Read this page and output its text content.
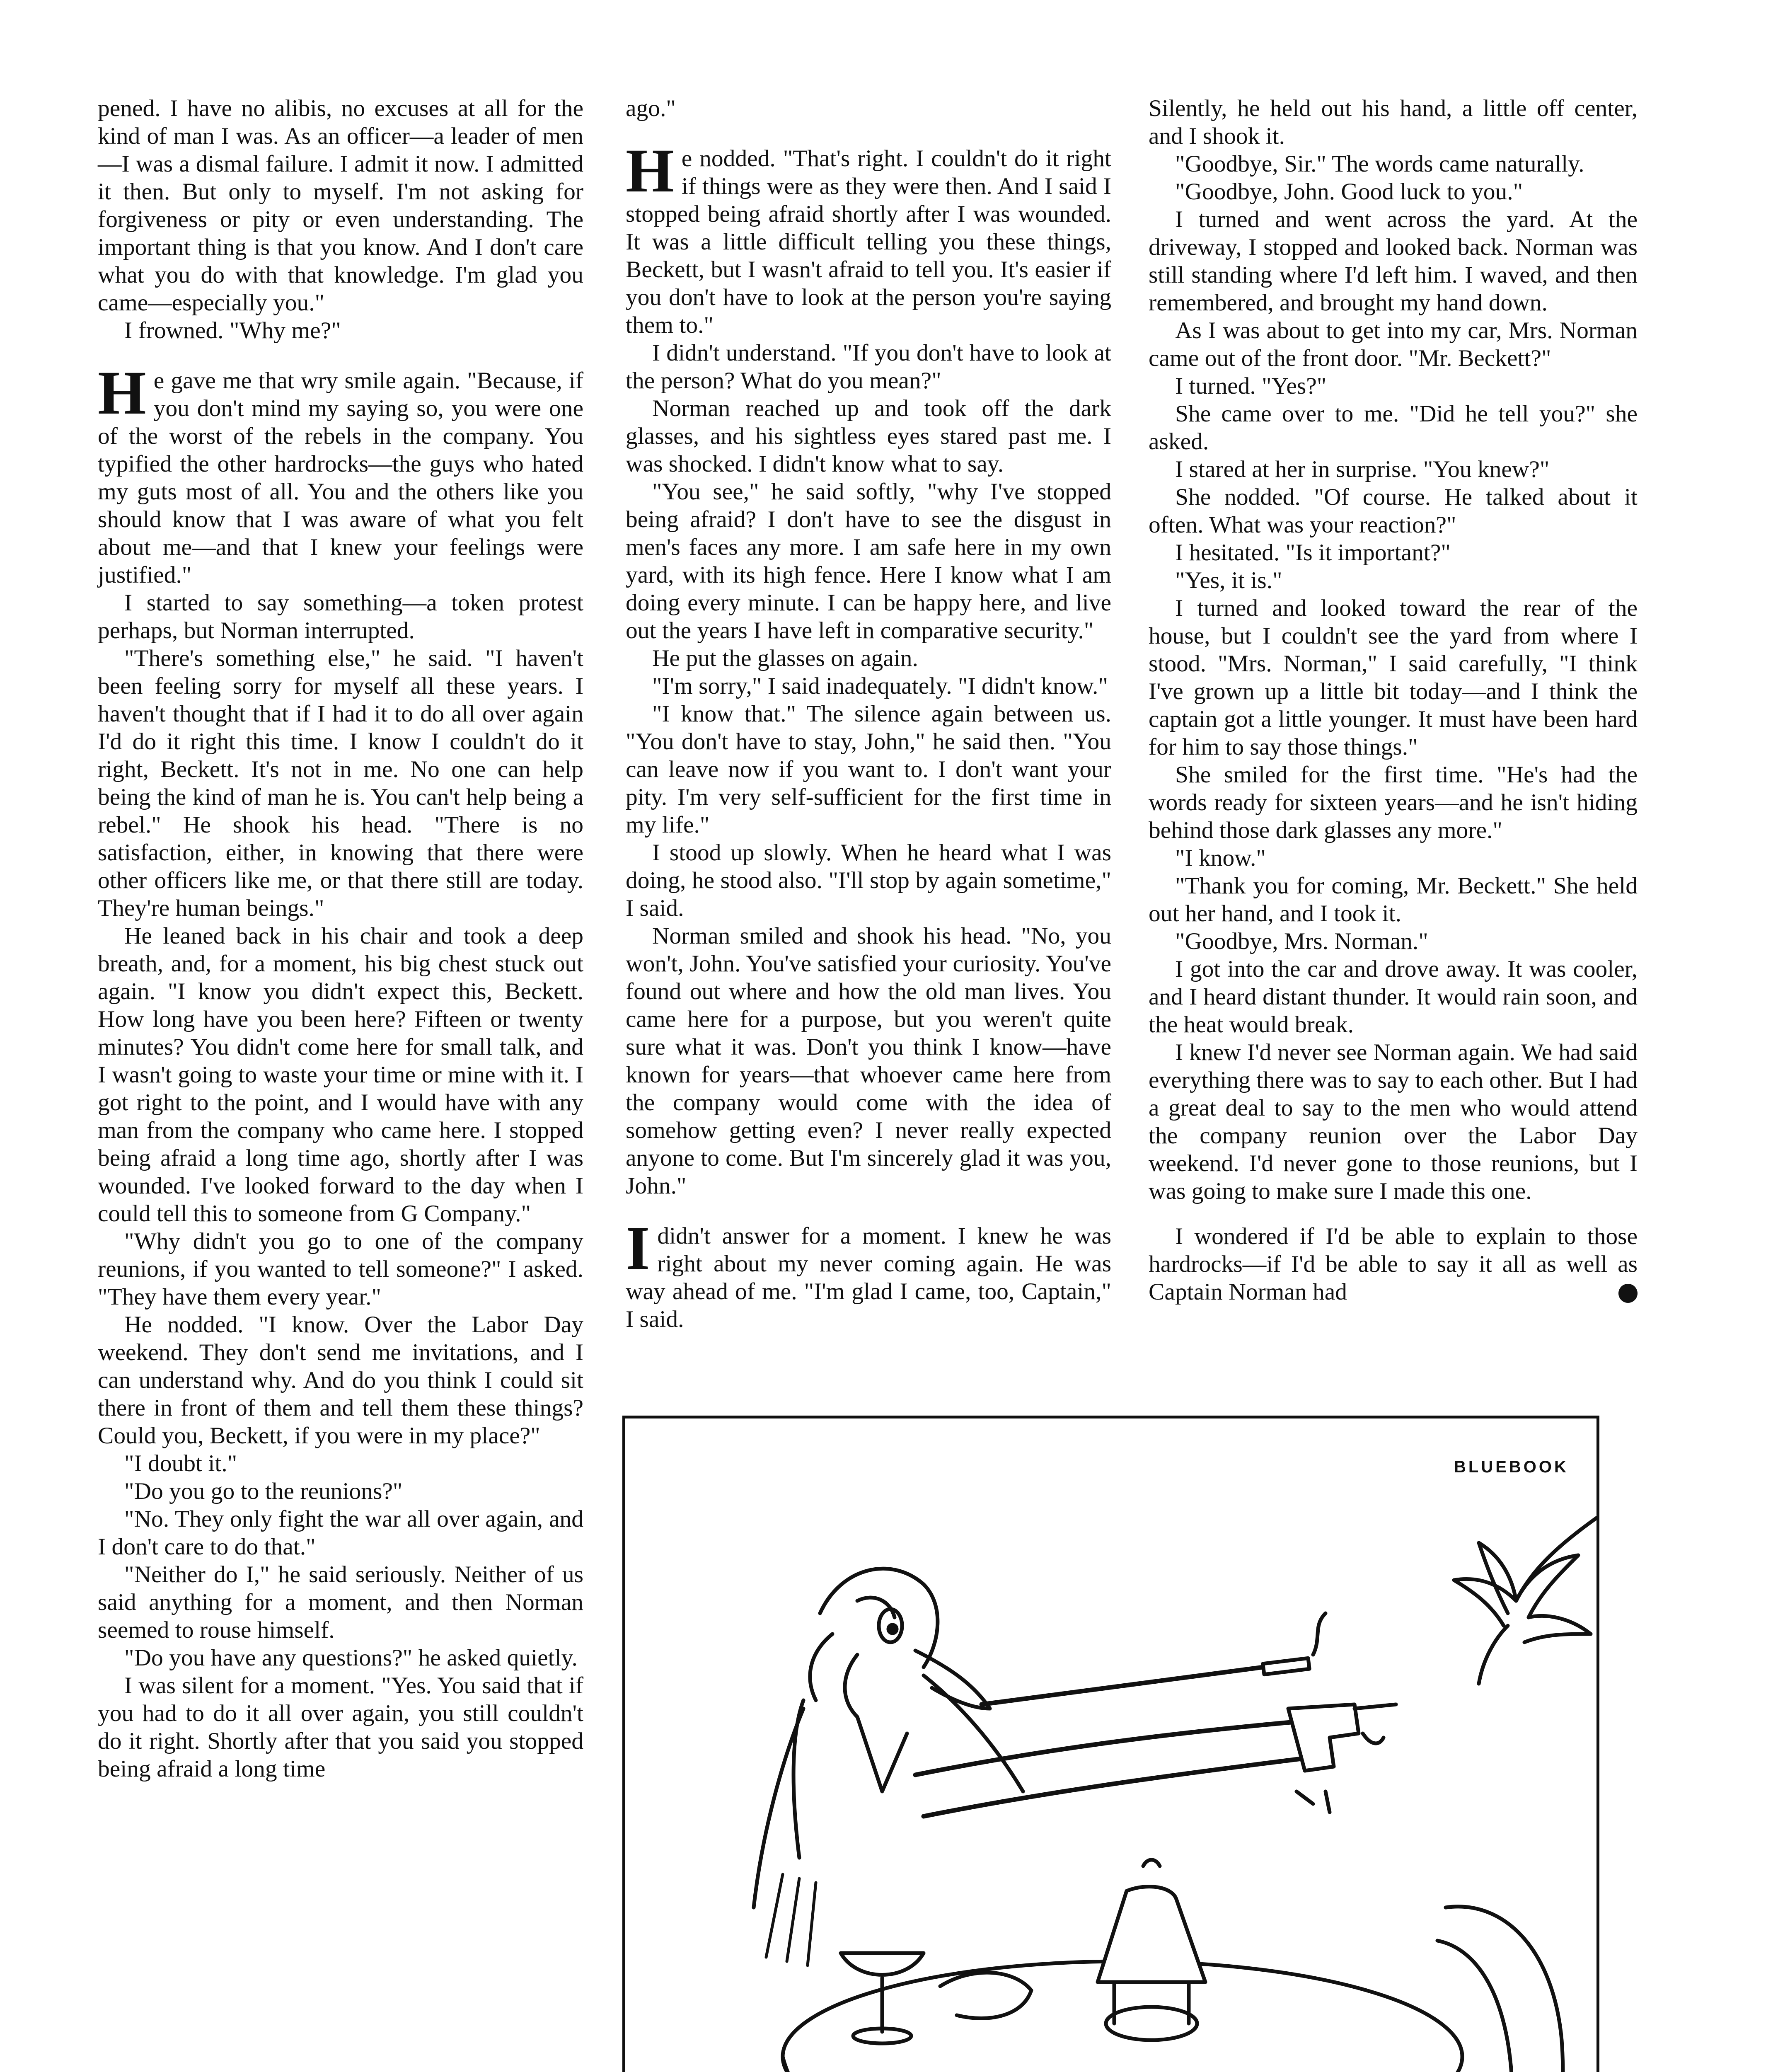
pened. I have no alibis, no excuses at all for the kind of man I was. As an officer—a leader of men—I was a dismal failure. I admit it now. I admitted it then. But only to myself. I'm not asking for forgiveness or pity or even understanding. The important thing is that you know. And I don't care what you do with that knowledge. I'm glad you came—especially you."

I frowned. "Why me?"

He gave me that wry smile again. "Because, if you don't mind my saying so, you were one of the worst of the rebels in the company. You typified the other hardrocks—the guys who hated my guts most of all. You and the others like you should know that I was aware of what you felt about me—and that I knew your feelings were justified."

I started to say something—a token protest perhaps, but Norman interrupted.

"There's something else," he said. "I haven't been feeling sorry for myself all these years. I haven't thought that if I had it to do all over again I'd do it right this time. I know I couldn't do it right, Beckett. It's not in me. No one can help being the kind of man he is. You can't help being a rebel." He shook his head. "There is no satisfaction, either, in knowing that there were other officers like me, or that there still are today. They're human beings."

He leaned back in his chair and took a deep breath, and, for a moment, his big chest stuck out again. "I know you didn't expect this, Beckett. How long have you been here? Fifteen or twenty minutes? You didn't come here for small talk, and I wasn't going to waste your time or mine with it. I got right to the point, and I would have with any man from the company who came here. I stopped being afraid a long time ago, shortly after I was wounded. I've looked forward to the day when I could tell this to someone from G Company."

"Why didn't you go to one of the company reunions, if you wanted to tell someone?" I asked. "They have them every year."

He nodded. "I know. Over the Labor Day weekend. They don't send me invitations, and I can understand why. And do you think I could sit there in front of them and tell them these things? Could you, Beckett, if you were in my place?"

"I doubt it."

"Do you go to the reunions?"

"No. They only fight the war all over again, and I don't care to do that."

"Neither do I," he said seriously. Neither of us said anything for a moment, and then Norman seemed to rouse himself.

"Do you have any questions?" he asked quietly.

I was silent for a moment. "Yes. You said that if you had to do it all over again, you still couldn't do it right. Shortly after that you said you stopped being afraid a long time

ago."

He nodded. "That's right. I couldn't do it right if things were as they were then. And I said I stopped being afraid shortly after I was wounded. It was a little difficult telling you these things, Beckett, but I wasn't afraid to tell you. It's easier if you don't have to look at the person you're saying them to."

I didn't understand. "If you don't have to look at the person? What do you mean?"

Norman reached up and took off the dark glasses, and his sightless eyes stared past me. I was shocked. I didn't know what to say.

"You see," he said softly, "why I've stopped being afraid? I don't have to see the disgust in men's faces any more. I am safe here in my own yard, with its high fence. Here I know what I am doing every minute. I can be happy here, and live out the years I have left in comparative security."

He put the glasses on again.

"I'm sorry," I said inadequately. "I didn't know."

"I know that." The silence again between us. "You don't have to stay, John," he said then. "You can leave now if you want to. I don't want your pity. I'm very self-sufficient for the first time in my life."

I stood up slowly. When he heard what I was doing, he stood also. "I'll stop by again sometime," I said.

Norman smiled and shook his head. "No, you won't, John. You've satisfied your curiosity. You've found out where and how the old man lives. You came here for a purpose, but you weren't quite sure what it was. Don't you think I know—have known for years—that whoever came here from the company would come with the idea of somehow getting even? I never really expected anyone to come. But I'm sincerely glad it was you, John."

Ididn't answer for a moment. I knew he was right about my never coming again. He was way ahead of me. "I'm glad I came, too, Captain," I said.

Silently, he held out his hand, a little off center, and I shook it.

"Goodbye, Sir." The words came naturally.

"Goodbye, John. Good luck to you."

I turned and went across the yard. At the driveway, I stopped and looked back. Norman was still standing where I'd left him. I waved, and then remembered, and brought my hand down.

As I was about to get into my car, Mrs. Norman came out of the front door. "Mr. Beckett?"

I turned. "Yes?"

She came over to me. "Did he tell you?" she asked.

I stared at her in surprise. "You knew?"

She nodded. "Of course. He talked about it often. What was your reaction?"

I hesitated. "Is it important?"

"Yes, it is."

I turned and looked toward the rear of the house, but I couldn't see the yard from where I stood. "Mrs. Norman," I said carefully, "I think I've grown up a little bit today—and I think the captain got a little younger. It must have been hard for him to say those things."

She smiled for the first time. "He's had the words ready for sixteen years—and he isn't hiding behind those dark glasses any more."

"I know."

"Thank you for coming, Mr. Beckett." She held out her hand, and I took it.

"Goodbye, Mrs. Norman."

I got into the car and drove away. It was cooler, and I heard distant thunder. It would rain soon, and the heat would break.

I knew I'd never see Norman again. We had said everything there was to say to each other. But I had a great deal to say to the men who would attend the company reunion over the Labor Day weekend. I'd never gone to those reunions, but I was going to make sure I made this one.

I wondered if I'd be able to explain to those hardrocks—if I'd be able to say it all as well as Captain Norman had

BLUEBOOK
